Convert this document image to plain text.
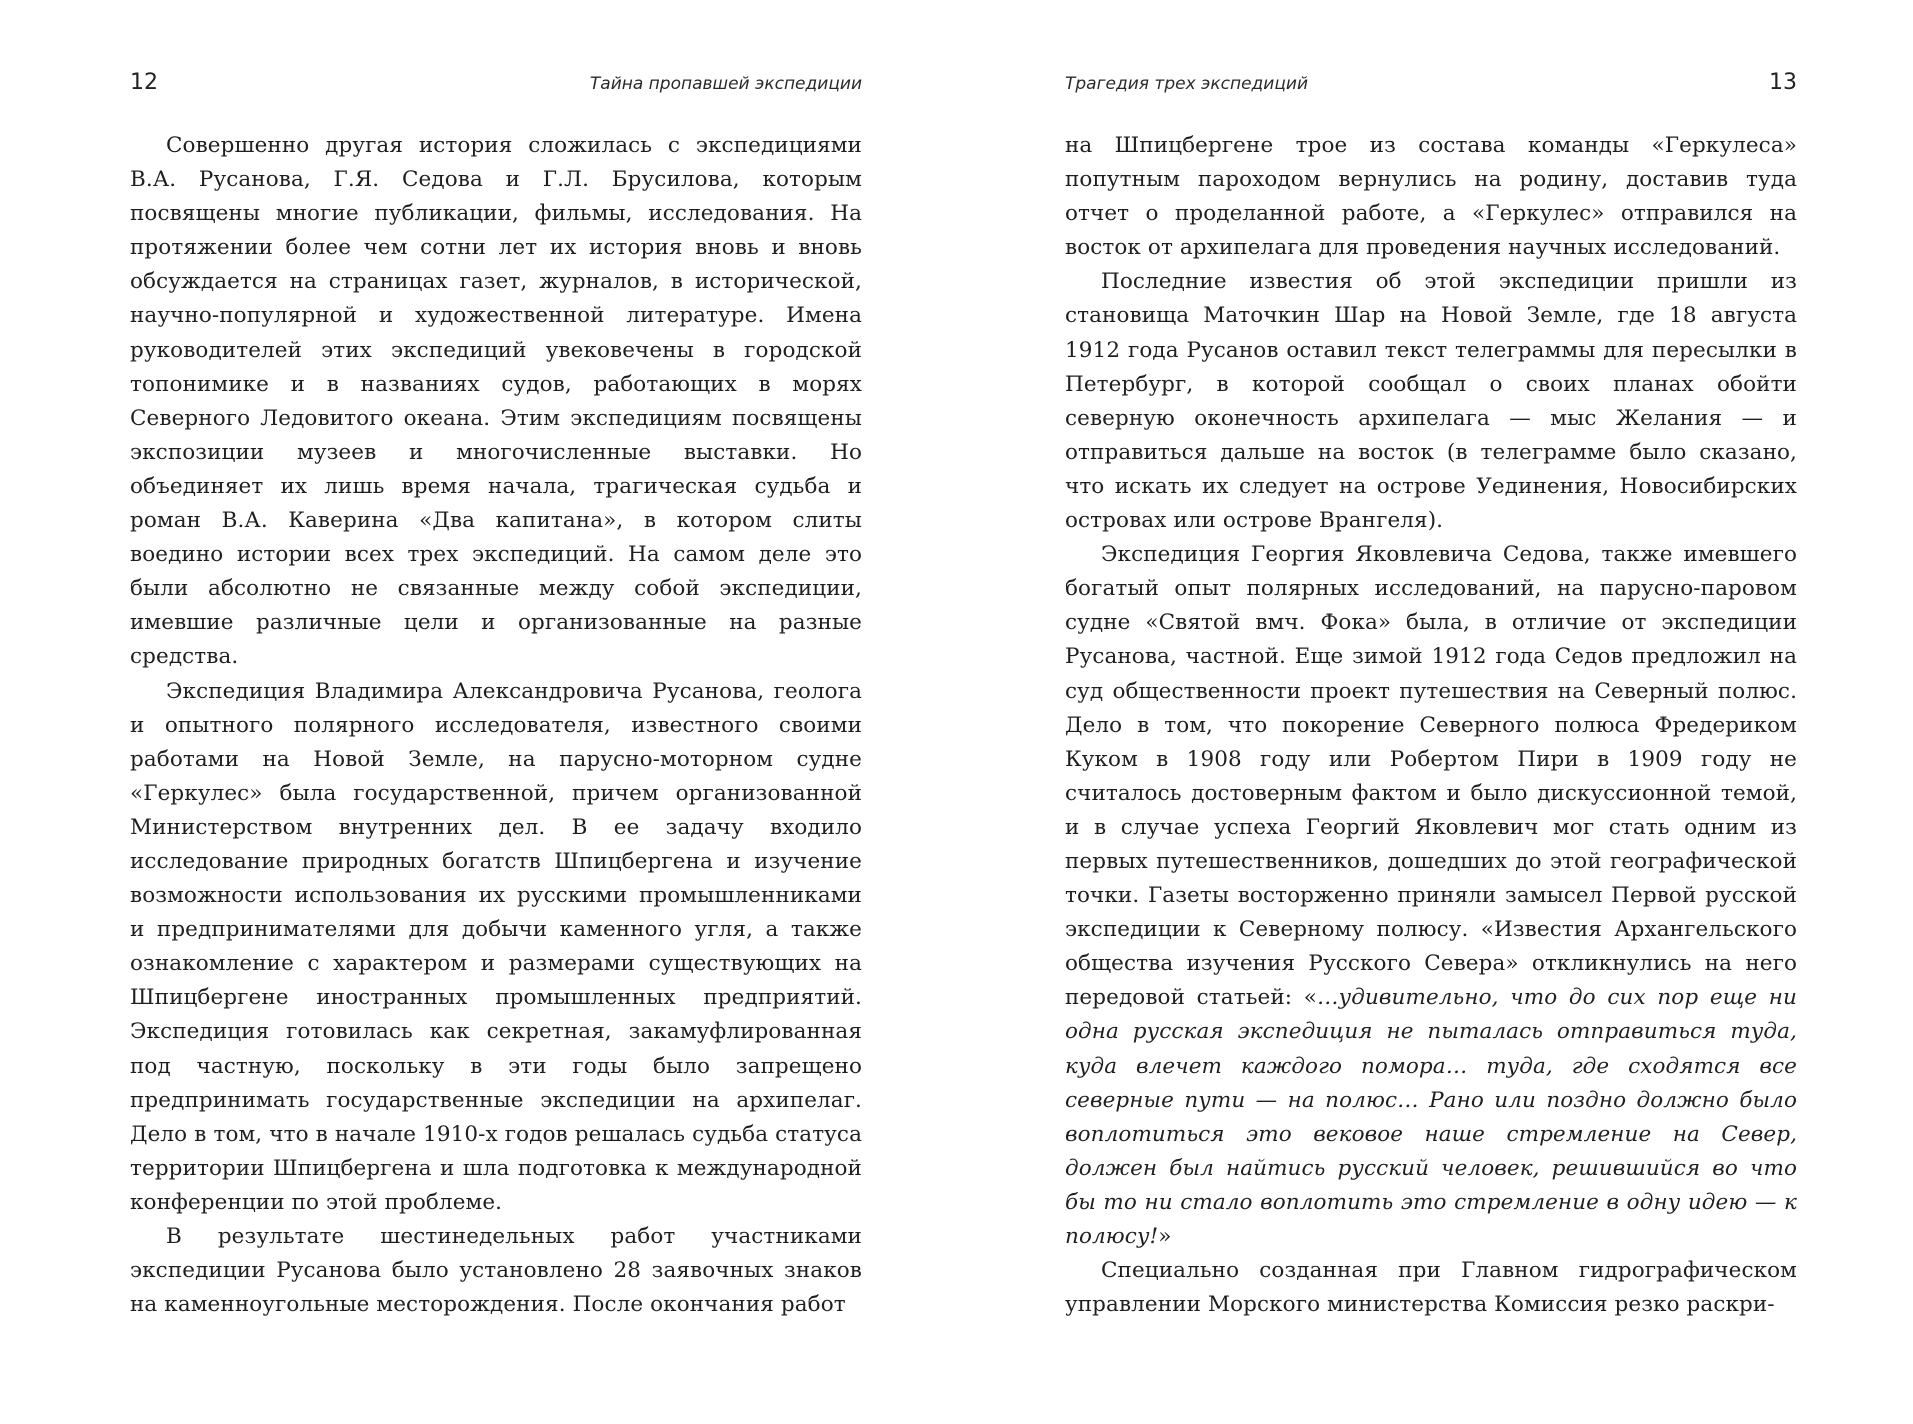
12	Тайна пропавшей экспедиции
Совершенно другая история сложилась с экспедициями В.А. Русанова, Г.Я. Седова и Г.Л. Брусилова, которым посвящены многие публикации, фильмы, исследования. На протяжении более чем сотни лет их история вновь и вновь обсуждается на страницах газет, журналов, в исторической, научно-популярной и художественной литературе. Имена руководителей этих экспедиций увековечены в городской топонимике и в названиях судов, работающих в морях Северного Ледовитого океана. Этим экспедициям посвящены экспозиции музеев и многочисленные выставки. Но объединяет их лишь время начала, трагическая судьба и роман В.А. Каверина «Два капитана», в котором слиты воедино истории всех трех экспедиций. На самом деле это были абсолютно не связанные между собой экспедиции, имевшие различные цели и организованные на разные средства.
Экспедиция Владимира Александровича Русанова, геолога и опытного полярного исследователя, известного своими работами на Новой Земле, на парусно-моторном судне «Геркулес» была государственной, причем организованной Министерством внутренних дел. В ее задачу входило исследование природных богатств Шпицбергена и изучение возможности использования их русскими промышленниками и предпринимателями для добычи каменного угля, а также ознакомление с характером и размерами существующих на Шпицбергене иностранных промышленных предприятий. Экспедиция готовилась как секретная, закамуфлированная под частную, поскольку в эти годы было запрещено предпринимать государственные экспедиции на архипелаг. Дело в том, что в начале 1910-х годов решалась судьба статуса территории Шпицбергена и шла подготовка к международной конференции по этой проблеме.
В результате шестинедельных работ участниками экспедиции Русанова было установлено 28 заявочных знаков на каменноугольные месторождения. После окончания работ
Трагедия трех экспедиций	13
на Шпицбергене трое из состава команды «Геркулеса» попутным пароходом вернулись на родину, доставив туда отчет о проделанной работе, а «Геркулес» отправился на восток от архипелага для проведения научных исследований.
Последние известия об этой экспедиции пришли из становища Маточкин Шар на Новой Земле, где 18 августа 1912 года Русанов оставил текст телеграммы для пересылки в Петербург, в которой сообщал о своих планах обойти северную оконечность архипелага — мыс Желания — и отправиться дальше на восток (в телеграмме было сказано, что искать их следует на острове Уединения, Новосибирских островах или острове Врангеля).
Экспедиция Георгия Яковлевича Седова, также имевшего богатый опыт полярных исследований, на парусно-паровом судне «Святой вмч. Фока» была, в отличие от экспедиции Русанова, частной. Еще зимой 1912 года Седов предложил на суд общественности проект путешествия на Северный полюс. Дело в том, что покорение Северного полюса Фредериком Куком в 1908 году или Робертом Пири в 1909 году не считалось достоверным фактом и было дискуссионной темой, и в случае успеха Георгий Яковлевич мог стать одним из первых путешественников, дошедших до этой географической точки. Газеты восторженно приняли замысел Первой русской экспедиции к Северному полюсу. «Известия Архангельского общества изучения Русского Севера» откликнулись на него передовой статьей: «…удивительно, что до сих пор еще ни одна русская экспедиция не пыталась отправиться туда, куда влечет каждого помора… туда, где сходятся все северные пути — на полюс… Рано или поздно должно было воплотиться это вековое наше стремление на Север, должен был найтись русский человек, решившийся во что бы то ни стало воплотить это стремление в одну идею — к полюсу!»
Специально созданная при Главном гидрографическом управлении Морского министерства Комиссия резко раскри-
